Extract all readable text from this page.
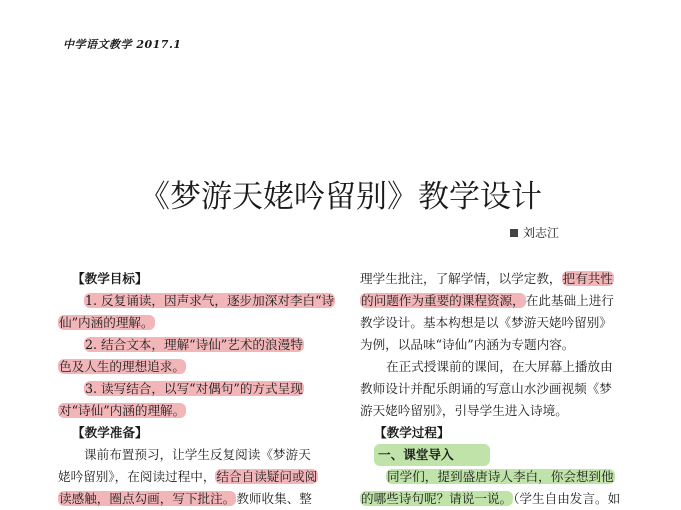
中学语文教学 2017.1
《梦游天姥吟留别》教学设计
刘志江
【教学目标】
1. 反复诵读，因声求气，逐步加深对李白“诗
仙”内涵的理解。
2. 结合文本，理解“诗仙”艺术的浪漫特
色及人生的理想追求。
3. 读写结合，以写“对偶句”的方式呈现
对“诗仙”内涵的理解。
【教学准备】
课前布置预习，让学生反复阅读《梦游天
姥吟留别》，在阅读过程中，结合自读疑问或阅
读感触，圈点勾画，写下批注。教师收集、整
理学生批注，了解学情，以学定教，把有共性
的问题作为重要的课程资源，在此基础上进行
教学设计。基本构想是以《梦游天姥吟留别》
为例，以品味“诗仙”内涵为专题内容。
在正式授课前的课间，在大屏幕上播放由
教师设计并配乐朗诵的写意山水沙画视频《梦
游天姥吟留别》，引导学生进入诗境。
【教学过程】
一、课堂导入
同学们，提到盛唐诗人李白，你会想到他
的哪些诗句呢？请说一说。（学生自由发言。如
